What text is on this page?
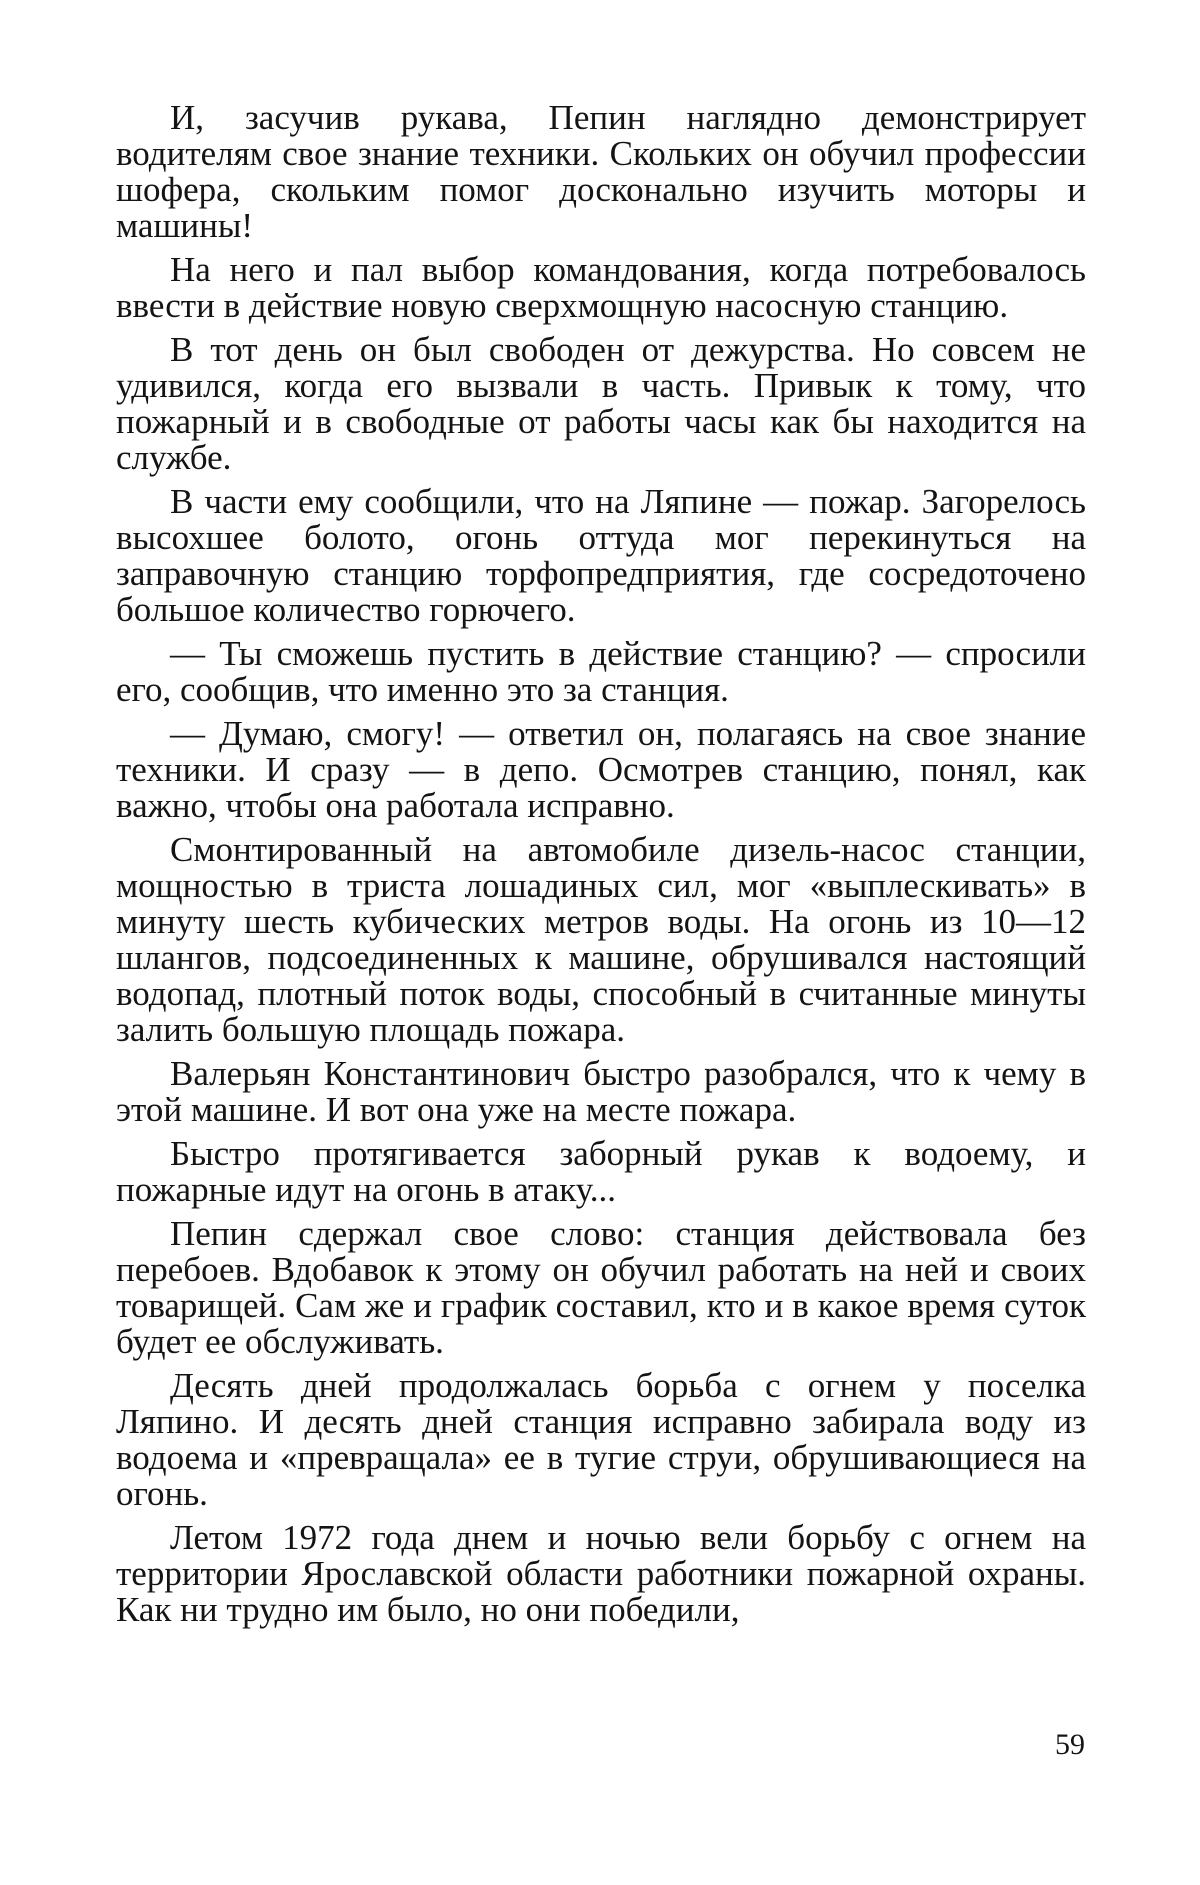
И, засучив рукава, Пепин наглядно демонстрирует водителям свое знание техники. Скольких он обучил профессии шофера, скольким помог досконально изучить моторы и машины!

На него и пал выбор командования, когда потребовалось ввести в действие новую сверхмощную насосную станцию.

В тот день он был свободен от дежурства. Но совсем не удивился, когда его вызвали в часть. Привык к тому, что пожарный и в свободные от работы часы как бы находится на службе.

В части ему сообщили, что на Ляпине — пожар. Загорелось высохшее болото, огонь оттуда мог перекинуться на заправочную станцию торфопредприятия, где сосредоточено большое количество горючего.

— Ты сможешь пустить в действие станцию? — спросили его, сообщив, что именно это за станция.

— Думаю, смогу! — ответил он, полагаясь на свое знание техники. И сразу — в депо. Осмотрев станцию, понял, как важно, чтобы она работала исправно.

Смонтированный на автомобиле дизель-насос станции, мощностью в триста лошадиных сил, мог «выплескивать» в минуту шесть кубических метров воды. На огонь из 10—12 шлангов, подсоединенных к машине, обрушивался настоящий водопад, плотный поток воды, способный в считанные минуты залить большую площадь пожара.

Валерьян Константинович быстро разобрался, что к чему в этой машине. И вот она уже на месте пожара.

Быстро протягивается заборный рукав к водоему, и пожарные идут на огонь в атаку...

Пепин сдержал свое слово: станция действовала без перебоев. Вдобавок к этому он обучил работать на ней и своих товарищей. Сам же и график составил, кто и в какое время суток будет ее обслуживать.

Десять дней продолжалась борьба с огнем у поселка Ляпино. И десять дней станция исправно забирала воду из водоема и «превращала» ее в тугие струи, обрушивающиеся на огонь.

Летом 1972 года днем и ночью вели борьбу с огнем на территории Ярославской области работники пожарной охраны. Как ни трудно им было, но они победили,

59
